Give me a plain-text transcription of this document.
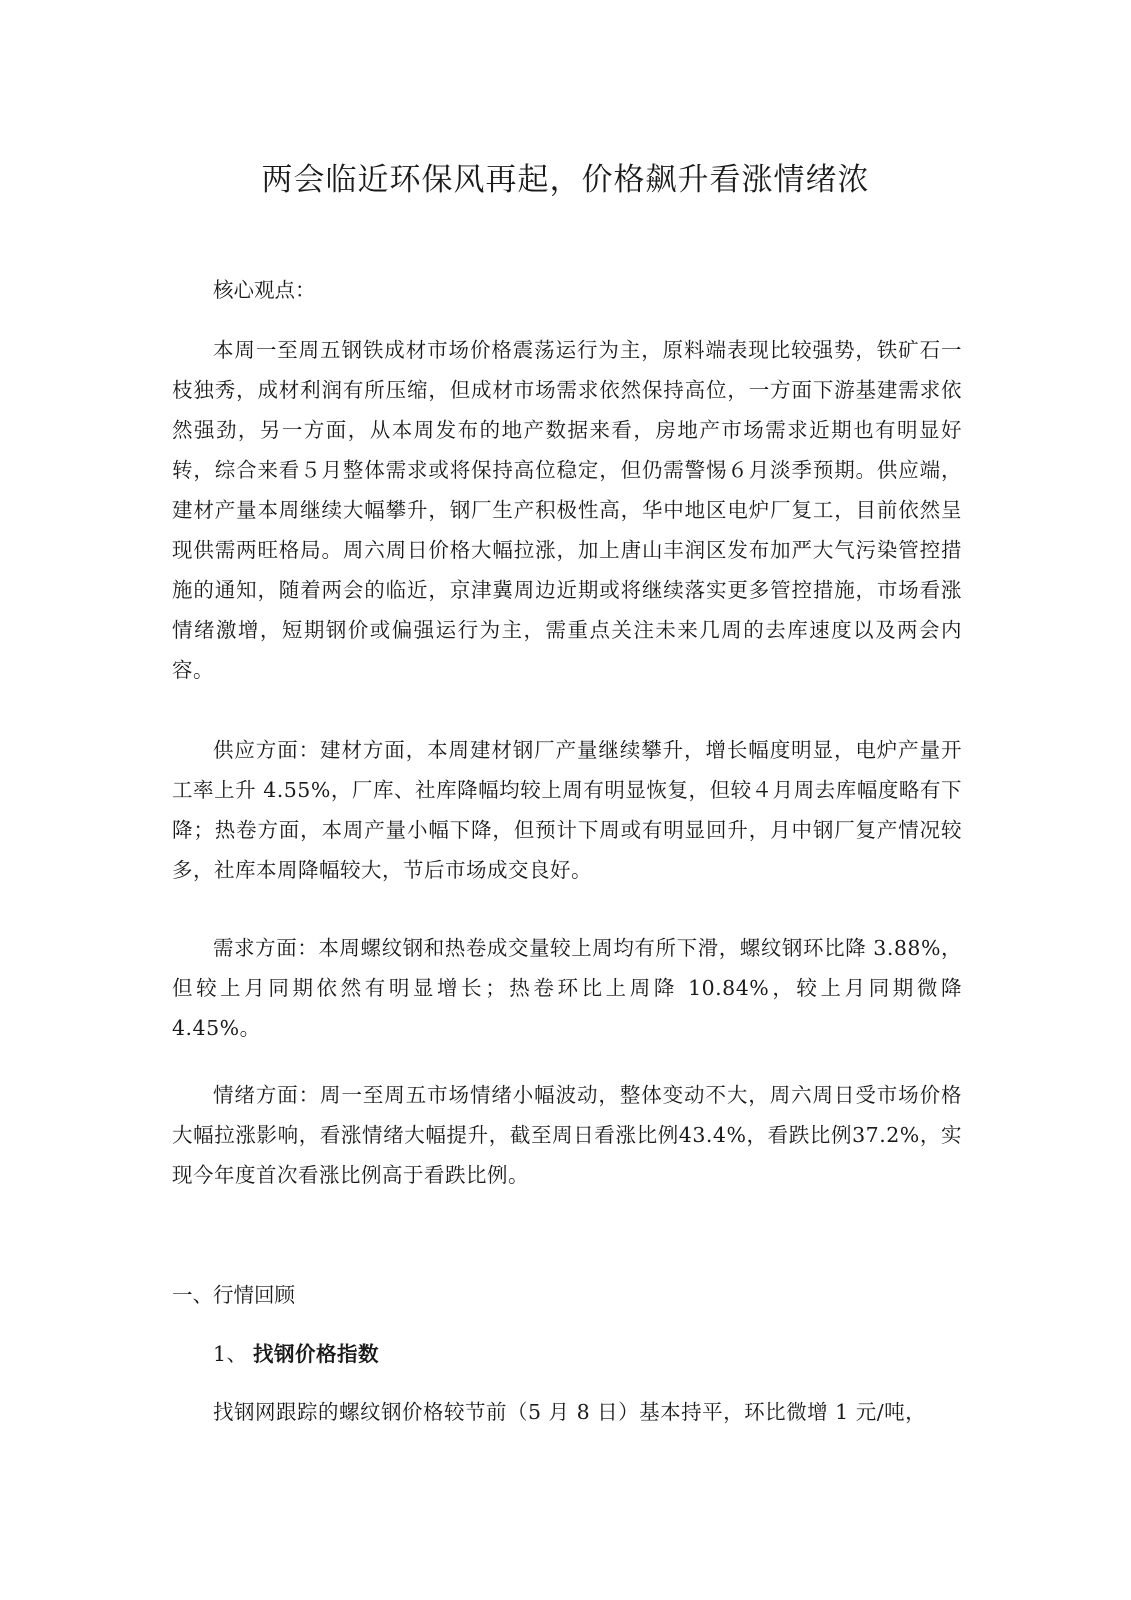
两会临近环保风再起，价格飙升看涨情绪浓

核心观点：

本周一至周五钢铁成材市场价格震荡运行为主，原料端表现比较强势，铁矿石一枝独秀，成材利润有所压缩，但成材市场需求依然保持高位，一方面下游基建需求依然强劲，另一方面，从本周发布的地产数据来看，房地产市场需求近期也有明显好转，综合来看５月整体需求或将保持高位稳定，但仍需警惕６月淡季预期。供应端，建材产量本周继续大幅攀升，钢厂生产积极性高，华中地区电炉厂复工，目前依然呈现供需两旺格局。周六周日价格大幅拉涨，加上唐山丰润区发布加严大气污染管控措施的通知，随着两会的临近，京津冀周边近期或将继续落实更多管控措施，市场看涨情绪激增，短期钢价或偏强运行为主，需重点关注未来几周的去库速度以及两会内容。

供应方面：建材方面，本周建材钢厂产量继续攀升，增长幅度明显，电炉产量开工率上升 4.55%，厂库、社库降幅均较上周有明显恢复，但较４月周去库幅度略有下降；热卷方面，本周产量小幅下降，但预计下周或有明显回升，月中钢厂复产情况较多，社库本周降幅较大，节后市场成交良好。

需求方面：本周螺纹钢和热卷成交量较上周均有所下滑，螺纹钢环比降 3.88%，但较上月同期依然有明显增长；热卷环比上周降 10.84%，较上月同期微降 4.45%。

情绪方面：周一至周五市场情绪小幅波动，整体变动不大，周六周日受市场价格大幅拉涨影响，看涨情绪大幅提升，截至周日看涨比例43.4%，看跌比例37.2%，实现今年度首次看涨比例高于看跌比例。

一、行情回顾
1、 找钢价格指数

找钢网跟踪的螺纹钢价格较节前（5 月 8 日）基本持平，环比微增 1 元/吨，
